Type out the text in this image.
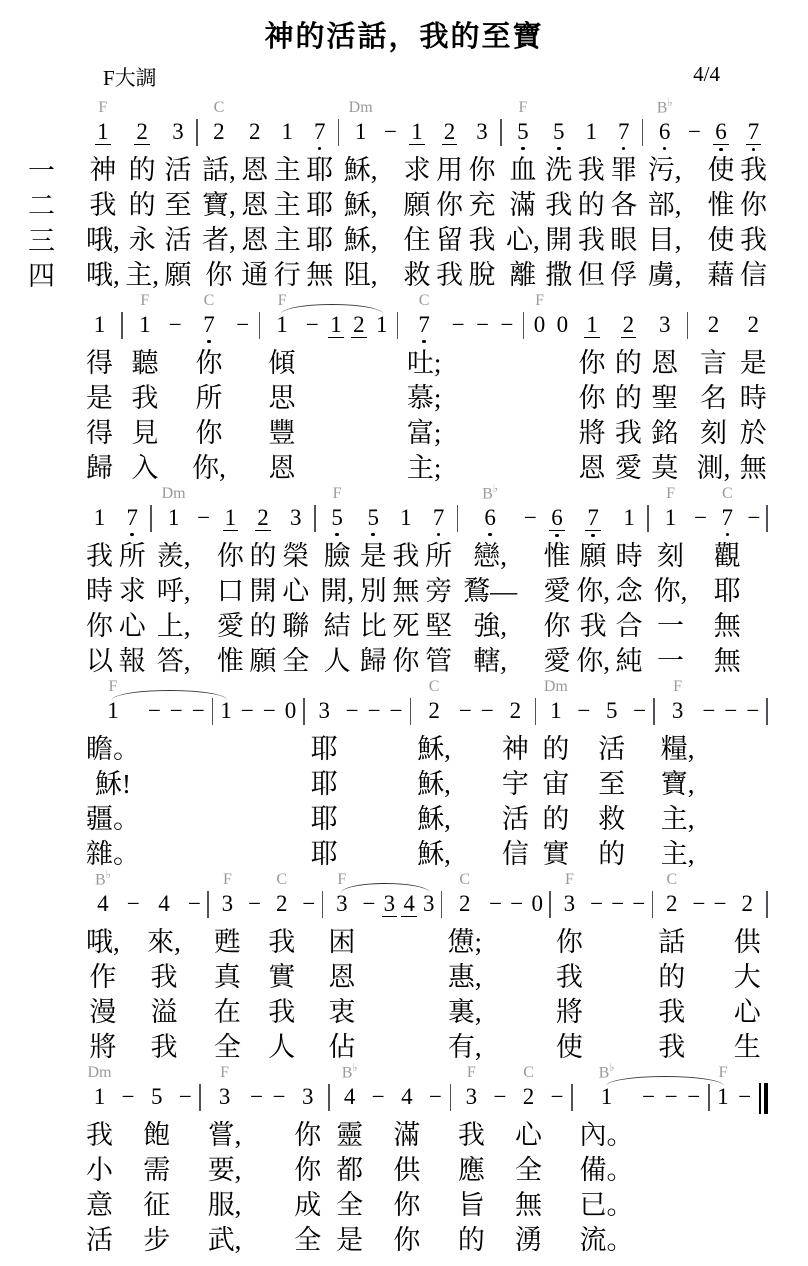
神的活話，我的至寶
F大調	4/4
F
1
神
我
哦,
哦,
2
的
的
永
主,
3
活
至
活
願
C
2
話,
寶,
者,
你
2
恩
恩
恩
通
1
主
主
主
行
7
耶
耶
耶
無
Dm
1
穌,
穌,
穌,
阻,
− 1
求
願
住
救
2
用
你
留
我
3
你
充
我
脫
F
5
血
滿
心,
離
5
洗
我
開
撒
1
我
的
我
但
7
罪
各
眼
俘
B♭
6
污,
部,
目,
虜,
− 6
使
惟
使
藉
7
我
你
我
信
一
二
三
四
1
得
是
得
歸
F
1
聽
我
見
入
−
C
7
你
所
你
你,
−
F
1
傾
思
豐
恩
− 1 2 1
C
7
吐;
慕;
富;
主;
− − −
F
0 0 1
你
你
將
恩
2
的
的
我
愛
3
恩
聖
銘
莫
2
言
名
刻
測,
2
是
時
於
無
1
我
時
你
以
7
所
求
心
報
Dm
1
羨,
呼,
上,
答,
− 1
你
口
愛
惟
2
的
開
的
願
3
榮
心
聯
全
F
5
臉
開,
結
人
5
是
別
比
歸
1
我
無
死
你
7
所
旁
堅
管
B♭
6
戀,
鶩—
強,
轄,
− 6
惟
愛
你
愛
7
願
你,
我
你,
1
時
念
合
純
F
1
刻
你,
一
一
−
C
7
觀
耶
無
無
−
F
1
瞻。
穌!
疆。
雜。
− − − 1 − − 0 3
耶
耶
耶
耶
− − −
C
2
穌,
穌,
穌,
穌,
− − 2
神
宇
活
信
Dm
1
的
宙
的
實
− 5
活
至
救
的
−
F
3
糧,
寶,
主,
主,
− − −
B♭
4
哦,
作
漫
將
− 4
來,
我
溢
我
−
F
3
甦
真
在
全
−
C
2
我
實
我
人
−
F
3
困
恩
衷
佔
− 3 4 3
C
2
憊;
惠,
裏,
有,
− − 0
F
3
你
我
將
使
− − −
C
2
話
的
我
我
− − 2
供
大
心
生
Dm
1
我
小
意
活
− 5
飽
需
征
步
−
F
3
嘗,
要,
服,
武,
− − 3
你
你
成
全
B♭
4
靈
都
全
是
− 4
滿
供
你
你
−
F
3
我
應
旨
的
−
C
2
心
全
無
湧
−
B♭
1
內。
備。
已。
流。
− − −
F
1 −
